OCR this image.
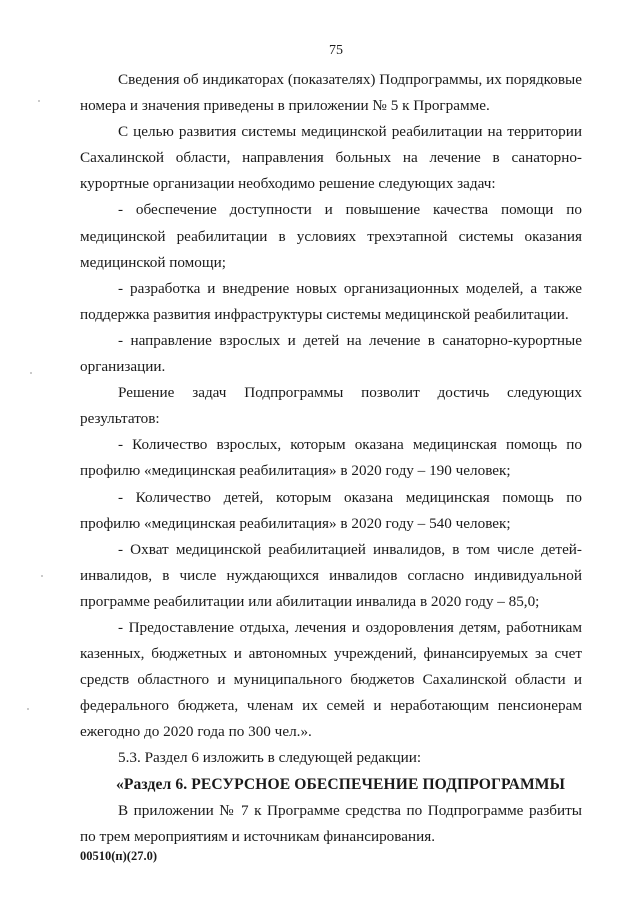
75

Сведения об индикаторах (показателях) Подпрограммы, их порядковые номера и значения приведены в приложении № 5 к Программе.

С целью развития системы медицинской реабилитации на территории Сахалинской области, направления больных на лечение в санаторно-курортные организации необходимо решение следующих задач:

- обеспечение доступности и повышение качества помощи по медицинской реабилитации в условиях трехэтапной системы оказания медицинской помощи;

- разработка и внедрение новых организационных моделей, а также поддержка развития инфраструктуры системы медицинской реабилитации.

- направление взрослых и детей на лечение в санаторно-курортные организации.

Решение задач Подпрограммы позволит достичь следующих результатов:

- Количество взрослых, которым оказана медицинская помощь по профилю «медицинская реабилитация» в 2020 году – 190 человек;

- Количество детей, которым оказана медицинская помощь по профилю «медицинская реабилитация» в 2020 году – 540 человек;

- Охват медицинской реабилитацией инвалидов, в том числе детей-инвалидов, в числе нуждающихся инвалидов согласно индивидуальной программе реабилитации или абилитации инвалида в 2020 году – 85,0;

- Предоставление отдыха, лечения и оздоровления детям, работникам казенных, бюджетных и автономных учреждений, финансируемых за счет средств областного и муниципального бюджетов Сахалинской области и федерального бюджета, членам их семей и неработающим пенсионерам ежегодно до 2020 года по 300 чел.».

5.3. Раздел 6 изложить в следующей редакции:

«Раздел 6. РЕСУРСНОЕ ОБЕСПЕЧЕНИЕ ПОДПРОГРАММЫ

В приложении № 7 к Программе средства по Подпрограмме разбиты по трем мероприятиям и источникам финансирования.

00510(п)(27.0)
